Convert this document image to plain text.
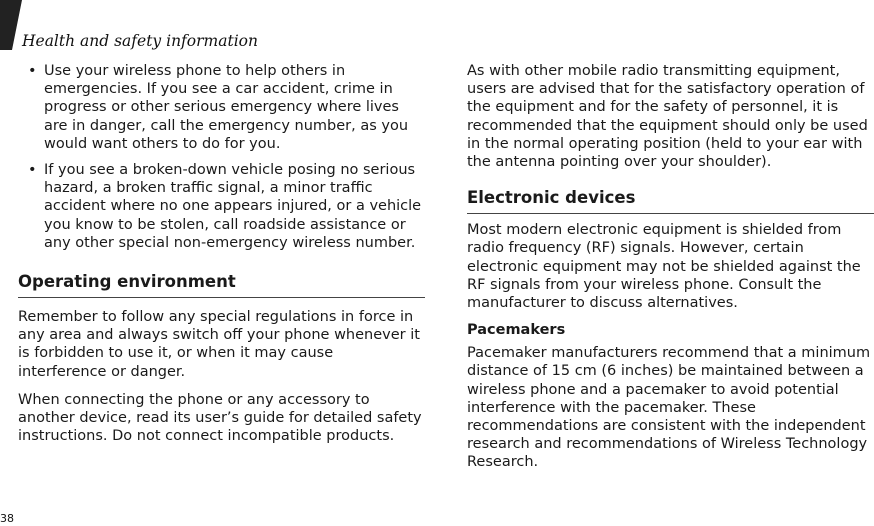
Health and safety information
• Use your wireless phone to help others in emergencies. If you see a car accident, crime in progress or other serious emergency where lives are in danger, call the emergency number, as you would want others to do for you.
• If you see a broken-down vehicle posing no serious hazard, a broken traffic signal, a minor traffic accident where no one appears injured, or a vehicle you know to be stolen, call roadside assistance or any other special non-emergency wireless number.
Operating environment

Remember to follow any special regulations in force in any area and always switch off your phone whenever it is forbidden to use it, or when it may cause interference or danger.

When connecting the phone or any accessory to another device, read its user’s guide for detailed safety instructions. Do not connect incompatible products.

As with other mobile radio transmitting equipment, users are advised that for the satisfactory operation of the equipment and for the safety of personnel, it is recommended that the equipment should only be used in the normal operating position (held to your ear with the antenna pointing over your shoulder).

Electronic devices

Most modern electronic equipment is shielded from radio frequency (RF) signals. However, certain electronic equipment may not be shielded against the RF signals from your wireless phone. Consult the manufacturer to discuss alternatives.

Pacemakers

Pacemaker manufacturers recommend that a minimum distance of 15 cm (6 inches) be maintained between a wireless phone and a pacemaker to avoid potential interference with the pacemaker. These recommendations are consistent with the independent research and recommendations of Wireless Technology Research.

38
